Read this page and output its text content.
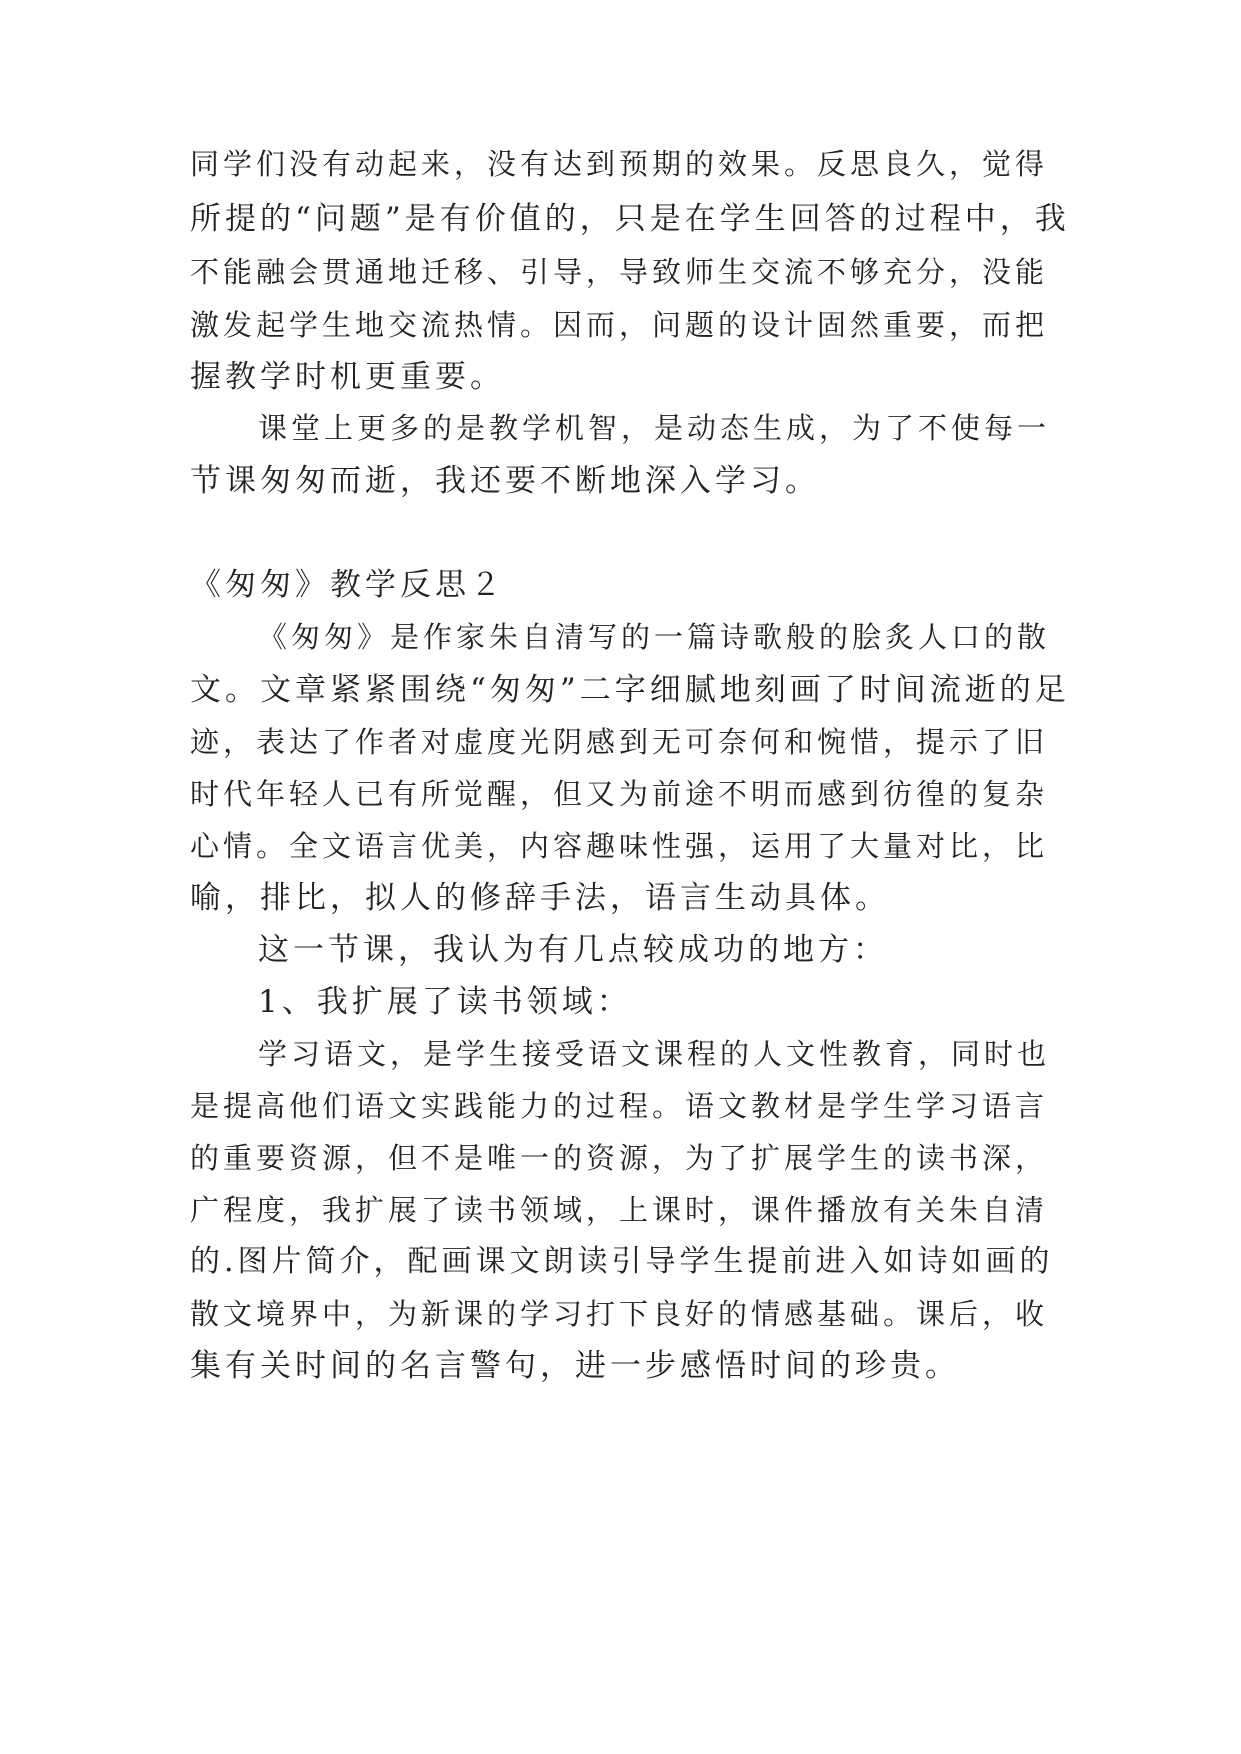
同学们没有动起来，没有达到预期的效果。反思良久，觉得
所提的“问题”是有价值的，只是在学生回答的过程中，我
不能融会贯通地迁移、引导，导致师生交流不够充分，没能
激发起学生地交流热情。因而，问题的设计固然重要，而把
握教学时机更重要。
课堂上更多的是教学机智，是动态生成，为了不使每一
节课匆匆而逝，我还要不断地深入学习。
《匆匆》教学反思２
《匆匆》是作家朱自清写的一篇诗歌般的脍炙人口的散
文。文章紧紧围绕“匆匆”二字细腻地刻画了时间流逝的足
迹，表达了作者对虚度光阴感到无可奈何和惋惜，提示了旧
时代年轻人已有所觉醒，但又为前途不明而感到彷徨的复杂
心情。全文语言优美，内容趣味性强，运用了大量对比，比
喻，排比，拟人的修辞手法，语言生动具体。
这一节课，我认为有几点较成功的地方：
1、我扩展了读书领域：
学习语文，是学生接受语文课程的人文性教育，同时也
是提高他们语文实践能力的过程。语文教材是学生学习语言
的重要资源，但不是唯一的资源，为了扩展学生的读书深，
广程度，我扩展了读书领域，上课时，课件播放有关朱自清
的.图片简介，配画课文朗读引导学生提前进入如诗如画的
散文境界中，为新课的学习打下良好的情感基础。课后，收
集有关时间的名言警句，进一步感悟时间的珍贵。
